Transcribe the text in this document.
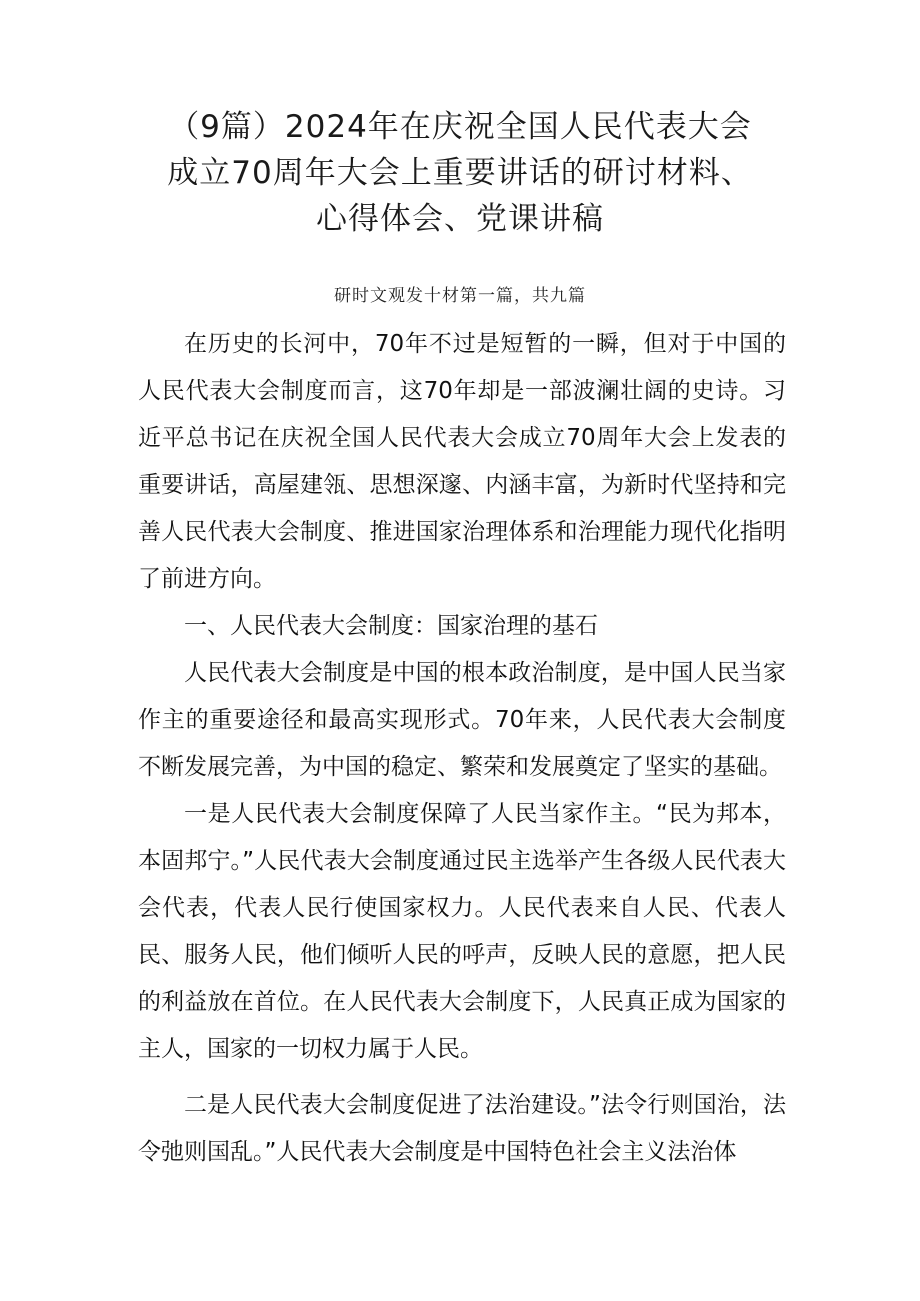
（9篇）2024年在庆祝全国人民代表大会
成立70周年大会上重要讲话的研讨材料、
心得体会、党课讲稿
研时文观发十材第一篇，共九篇

在历史的长河中，70年不过是短暂的一瞬，但对于中国的人民代表大会制度而言，这70年却是一部波澜壮阔的史诗。习近平总书记在庆祝全国人民代表大会成立70周年大会上发表的重要讲话，高屋建瓴、思想深邃、内涵丰富，为新时代坚持和完善人民代表大会制度、推进国家治理体系和治理能力现代化指明了前进方向。

一、人民代表大会制度：国家治理的基石

人民代表大会制度是中国的根本政治制度，是中国人民当家作主的重要途径和最高实现形式。70年来，人民代表大会制度不断发展完善，为中国的稳定、繁荣和发展奠定了坚实的基础。

一是人民代表大会制度保障了人民当家作主。“民为邦本，本固邦宁。”人民代表大会制度通过民主选举产生各级人民代表大会代表，代表人民行使国家权力。人民代表来自人民、代表人民、服务人民，他们倾听人民的呼声，反映人民的意愿，把人民的利益放在首位。在人民代表大会制度下，人民真正成为国家的主人，国家的一切权力属于人民。

二是人民代表大会制度促进了法治建设。”法令行则国治，法令弛则国乱。”人民代表大会制度是中国特色社会主义法治体
